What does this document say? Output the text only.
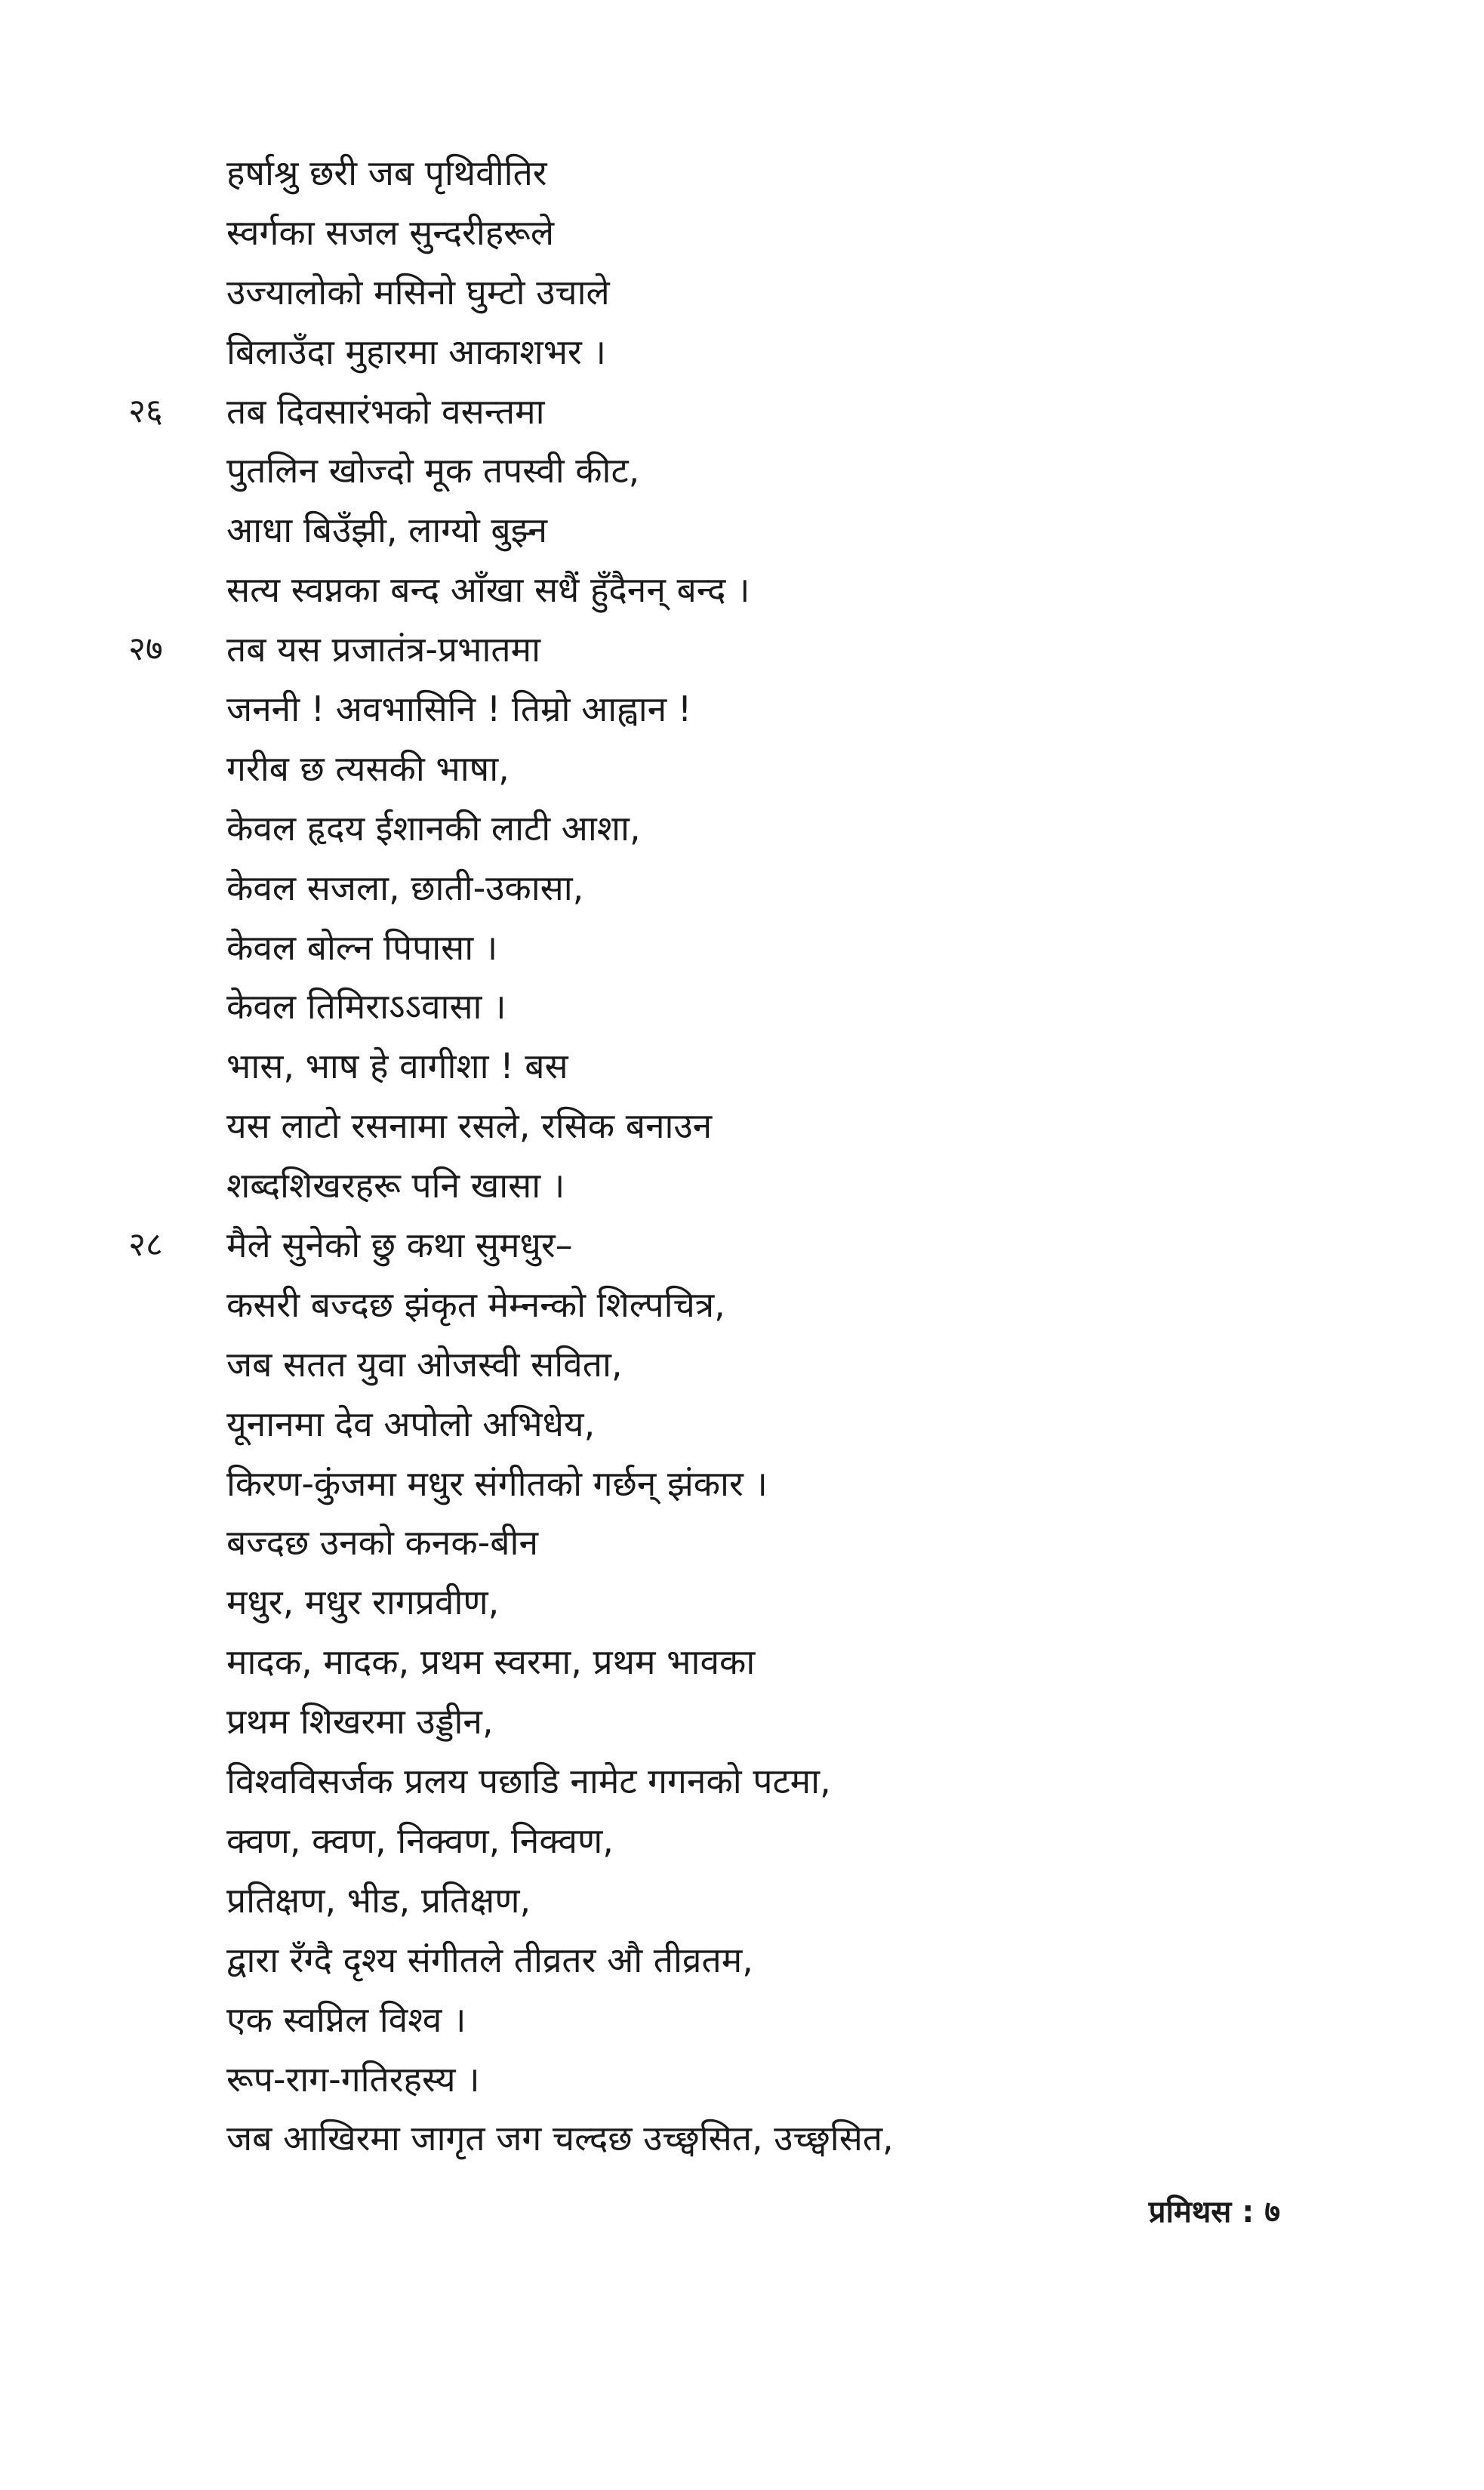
हर्षाश्रु छरी जब पृथिवीतिर
स्वर्गका सजल सुन्दरीहरूले
उज्यालोको मसिनो घुम्टो उचाले
बिलाउँदा मुहारमा आकाशभर ।
२६	तब दिवसारंभको वसन्तमा
पुतलिन खोज्दो मूक तपस्वी कीट,
आधा बिउँझी, लाग्यो बुझ्न
सत्य स्वप्नका बन्द आँखा सधैं हुँदैनन् बन्द ।
२७	तब यस प्रजातंत्र-प्रभातमा
जननी ! अवभासिनि ! तिम्रो आह्वान !
गरीब छ त्यसकी भाषा,
केवल हृदय ईशानकी लाटी आशा,
केवल सजला, छाती-उकासा,
केवल बोल्न पिपासा ।
केवल तिमिराऽऽवासा ।
भास, भाष हे वागीशा ! बस
यस लाटो रसनामा रसले, रसिक बनाउन
शब्दशिखरहरू पनि खासा ।
२८	मैले सुनेको छु कथा सुमधुर–
कसरी बज्दछ झंकृत मेम्नन्को शिल्पचित्र,
जब सतत युवा ओजस्वी सविता,
यूनानमा देव अपोलो अभिधेय,
किरण-कुंजमा मधुर संगीतको गर्छन् झंकार ।
बज्दछ उनको कनक-बीन
मधुर, मधुर रागप्रवीण,
मादक, मादक, प्रथम स्वरमा, प्रथम भावका
प्रथम शिखरमा उड्डीन,
विश्वविसर्जक प्रलय पछाडि नामेट गगनको पटमा,
क्वण, क्वण, निक्वण, निक्वण,
प्रतिक्षण, भीड, प्रतिक्षण,
द्वारा रँग्दै दृश्य संगीतले तीव्रतर औ तीव्रतम,
एक स्वप्निल विश्व ।
रूप-राग-गतिरहस्य ।
जब आखिरमा जागृत जग चल्दछ उच्छ्वसित, उच्छ्वसित,
प्रमिथस : ७
